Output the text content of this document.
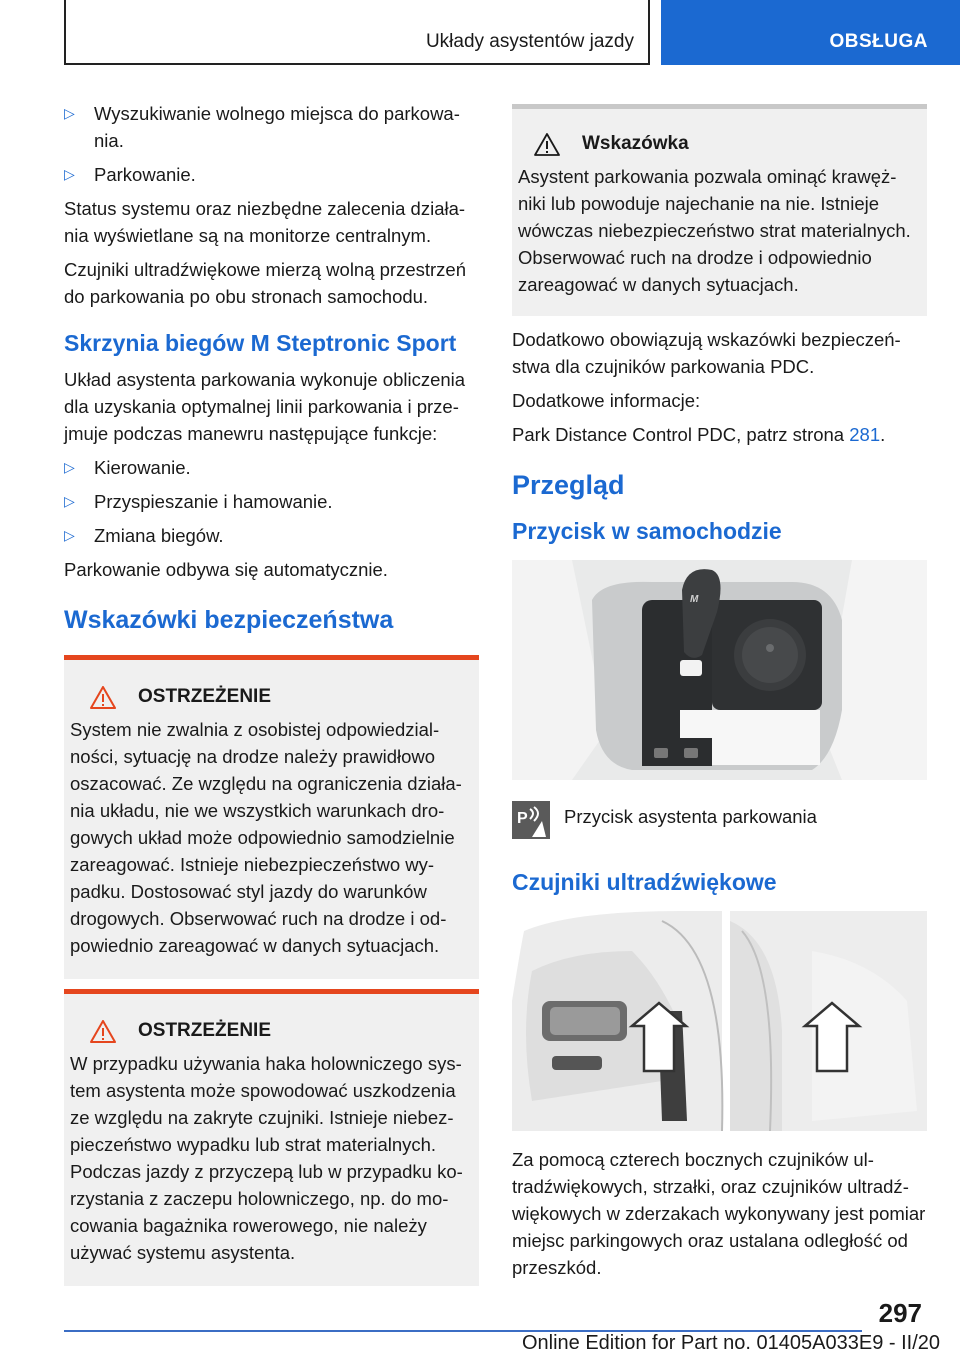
Układy asystentów jazdy	OBSŁUGA
▷ Wyszukiwanie wolnego miejsca do parkowania.
▷ Parkowanie.

Status systemu oraz niezbędne zalecenia działania wyświetlane są na monitorze centralnym.

Czujniki ultradźwiękowe mierzą wolną przestrzeń do parkowania po obu stronach samochodu.

Skrzynia biegów M Steptronic Sport

Układ asystenta parkowania wykonuje obliczenia dla uzyskania optymalnej linii parkowania i przejmuje podczas manewru następujące funkcje:

▷ Kierowanie.
▷ Przyspieszanie i hamowanie.
▷ Zmiana biegów.

Parkowanie odbywa się automatycznie.

Wskazówki bezpieczeństwa
OSTRZEŻENIE
System nie zwalnia z osobistej odpowiedzialności, sytuację na drodze należy prawidłowo oszacować. Ze względu na ograniczenia działania układu, nie we wszystkich warunkach drogowych układ może odpowiednio samodzielnie zareagować. Istnieje niebezpieczeństwo wypadku. Dostosować styl jazdy do warunków drogowych. Obserwować ruch na drodze i odpowiednio zareagować w danych sytuacjach.
OSTRZEŻENIE
W przypadku używania haka holowniczego system asystenta może spowodować uszkodzenia ze względu na zakryte czujniki. Istnieje niebezpieczeństwo wypadku lub strat materialnych. Podczas jazdy z przyczepą lub w przypadku korzystania z zaczepu holowniczego, np. do mocowania bagażnika rowerowego, nie należy używać systemu asystenta.
Wskazówka
Asystent parkowania pozwala ominąć krawężniki lub powoduje najechanie na nie. Istnieje wówczas niebezpieczeństwo strat materialnych. Obserwować ruch na drodze i odpowiednio zareagować w danych sytuacjach.

Dodatkowo obowiązują wskazówki bezpieczeństwa dla czujników parkowania PDC.

Dodatkowe informacje:

Park Distance Control PDC, patrz strona 281.

Przegląd
Przycisk w samochodzie
M
P Przycisk asystenta parkowania
Czujniki ultradźwiękowe

Za pomocą czterech bocznych czujników ultradźwiękowych, strzałki, oraz czujników ultradźwiękowych w zderzakach wykonywany jest pomiar miejsc parkingowych oraz ustalana odległość od przeszkód.

297
Online Edition for Part no. 01405A033E9 - II/20
